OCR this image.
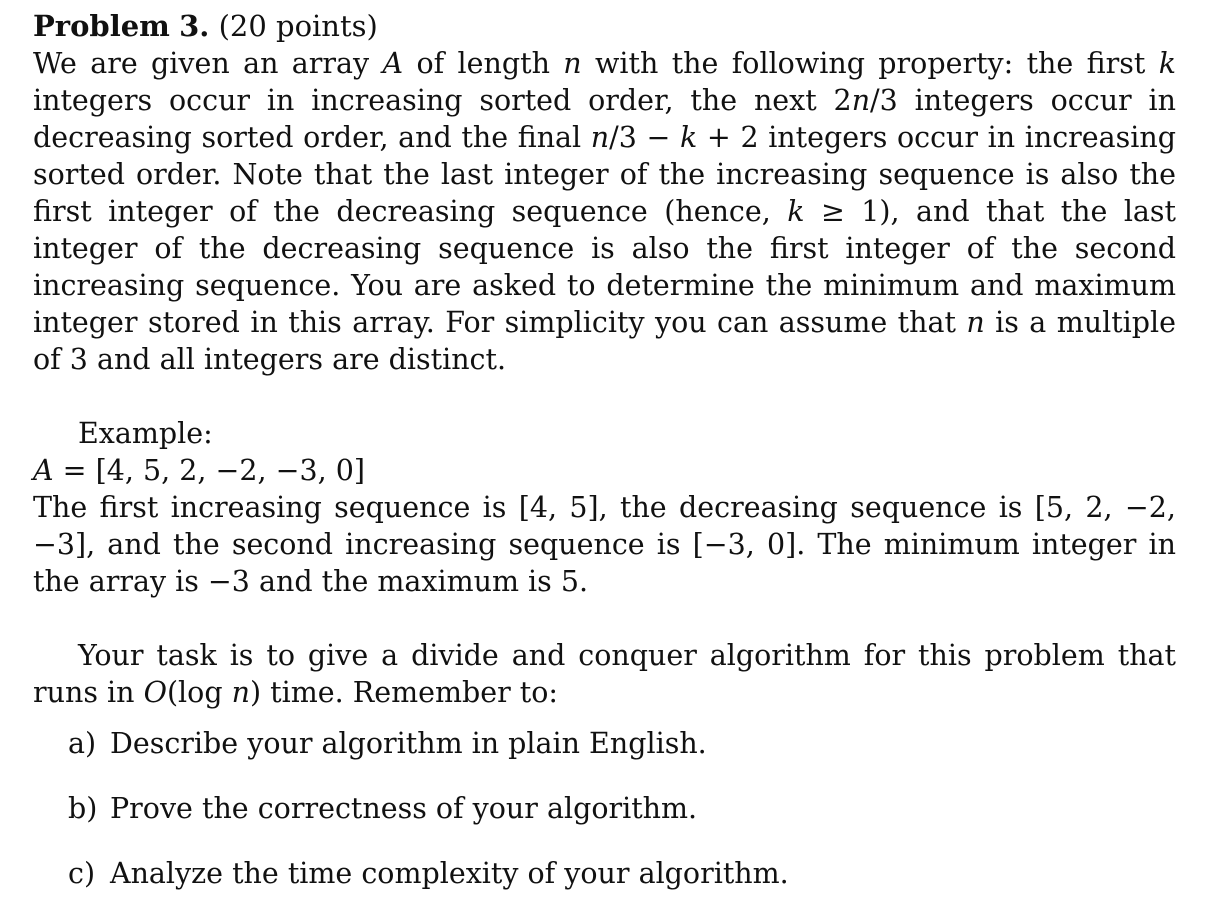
Problem 3. (20 points)

We are given an array A of length n with the following property: the first k integers occur in increasing sorted order, the next 2n/3 integers occur in decreasing sorted order, and the final n/3 − k + 2 integers occur in increasing sorted order. Note that the last integer of the increasing sequence is also the first integer of the decreasing sequence (hence, k ≥ 1), and that the last integer of the decreasing sequence is also the first integer of the second increasing sequence. You are asked to determine the minimum and maximum integer stored in this array. For simplicity you can assume that n is a multiple of 3 and all integers are distinct.

Example:

A = [4, 5, 2, −2, −3, 0]

The first increasing sequence is [4, 5], the decreasing sequence is [5, 2, −2, −3], and the second increasing sequence is [−3, 0]. The minimum integer in the array is −3 and the maximum is 5.

Your task is to give a divide and conquer algorithm for this problem that runs in O(log n) time. Remember to:

a) Describe your algorithm in plain English.
b) Prove the correctness of your algorithm.
c) Analyze the time complexity of your algorithm.
